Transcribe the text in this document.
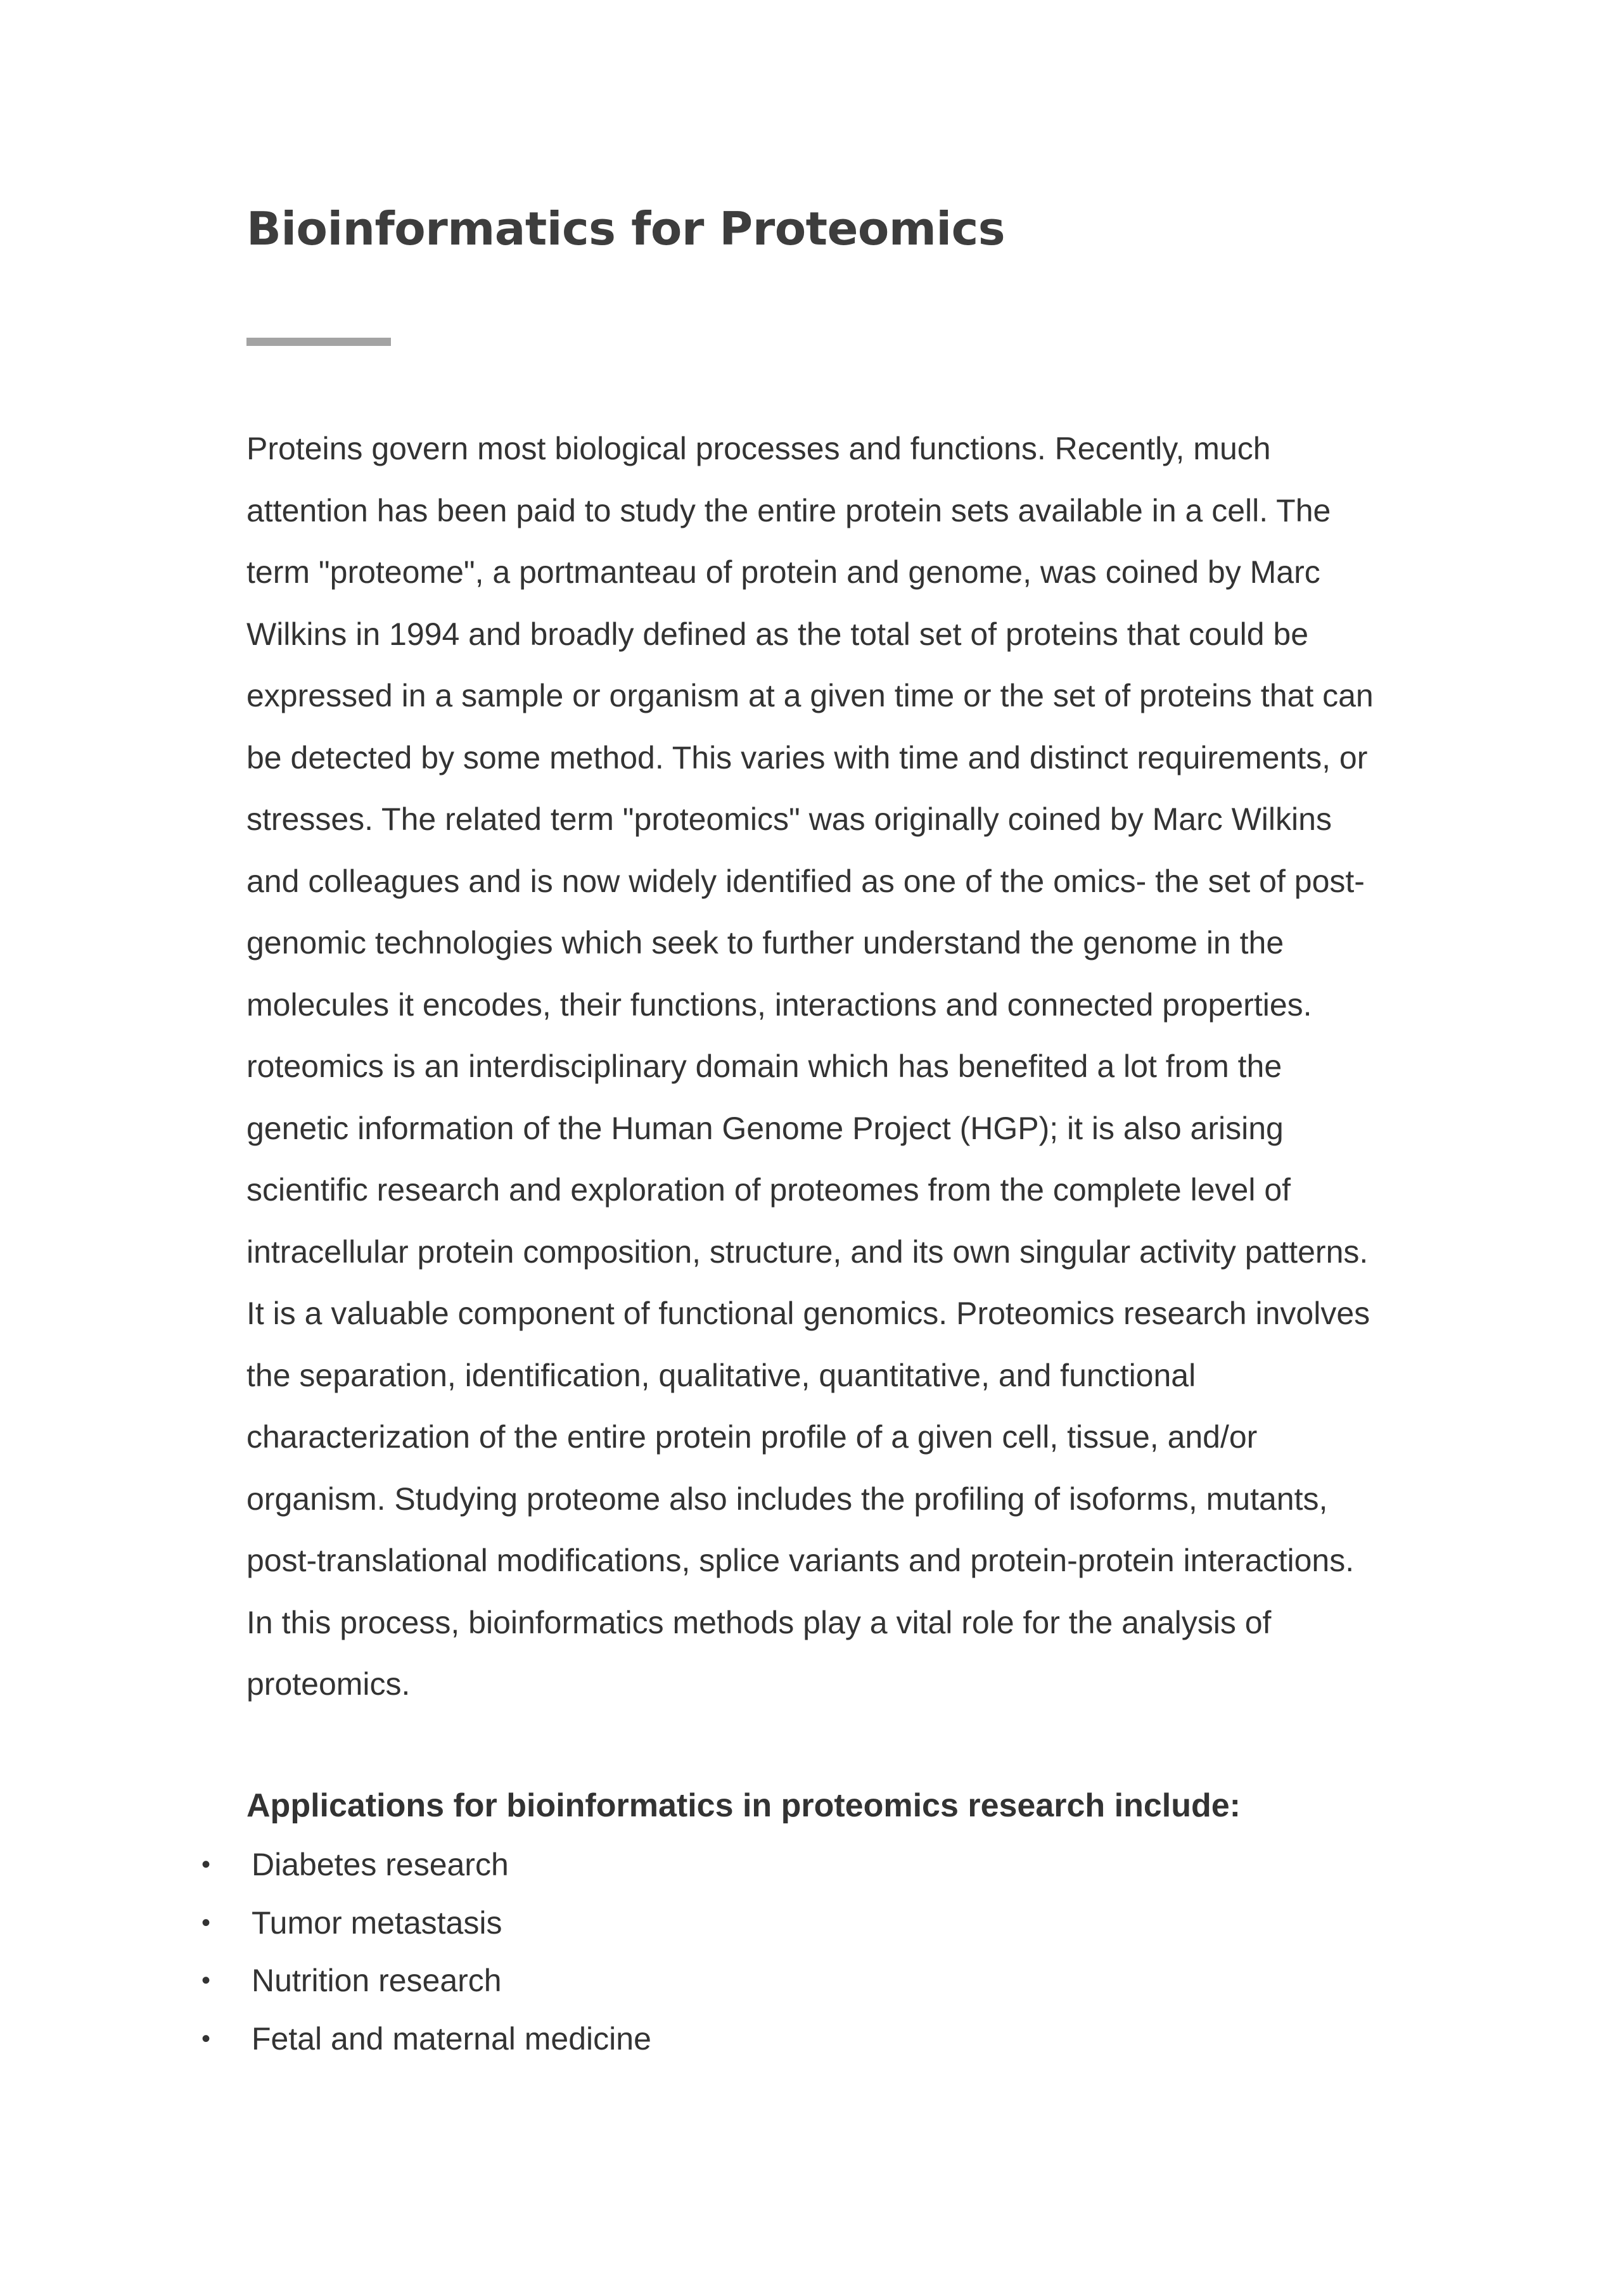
Bioinformatics for Proteomics

Proteins govern most biological processes and functions. Recently, much attention has been paid to study the entire protein sets available in a cell. The term "proteome", a portmanteau of protein and genome, was coined by Marc Wilkins in 1994 and broadly defined as the total set of proteins that could be expressed in a sample or organism at a given time or the set of proteins that can be detected by some method. This varies with time and distinct requirements, or stresses. The related term "proteomics" was originally coined by Marc Wilkins and colleagues and is now widely identified as one of the omics- the set of post-genomic technologies which seek to further understand the genome in the molecules it encodes, their functions, interactions and connected properties.

roteomics is an interdisciplinary domain which has benefited a lot from the genetic information of the Human Genome Project (HGP); it is also arising scientific research and exploration of proteomes from the complete level of intracellular protein composition, structure, and its own singular activity patterns. It is a valuable component of functional genomics. Proteomics research involves the separation, identification, qualitative, quantitative, and functional characterization of the entire protein profile of a given cell, tissue, and/or organism. Studying proteome also includes the profiling of isoforms, mutants, post-translational modifications, splice variants and protein-protein interactions. In this process, bioinformatics methods play a vital role for the analysis of proteomics.

Applications for bioinformatics in proteomics research include:
• Diabetes research
• Tumor metastasis
• Nutrition research
• Fetal and maternal medicine
